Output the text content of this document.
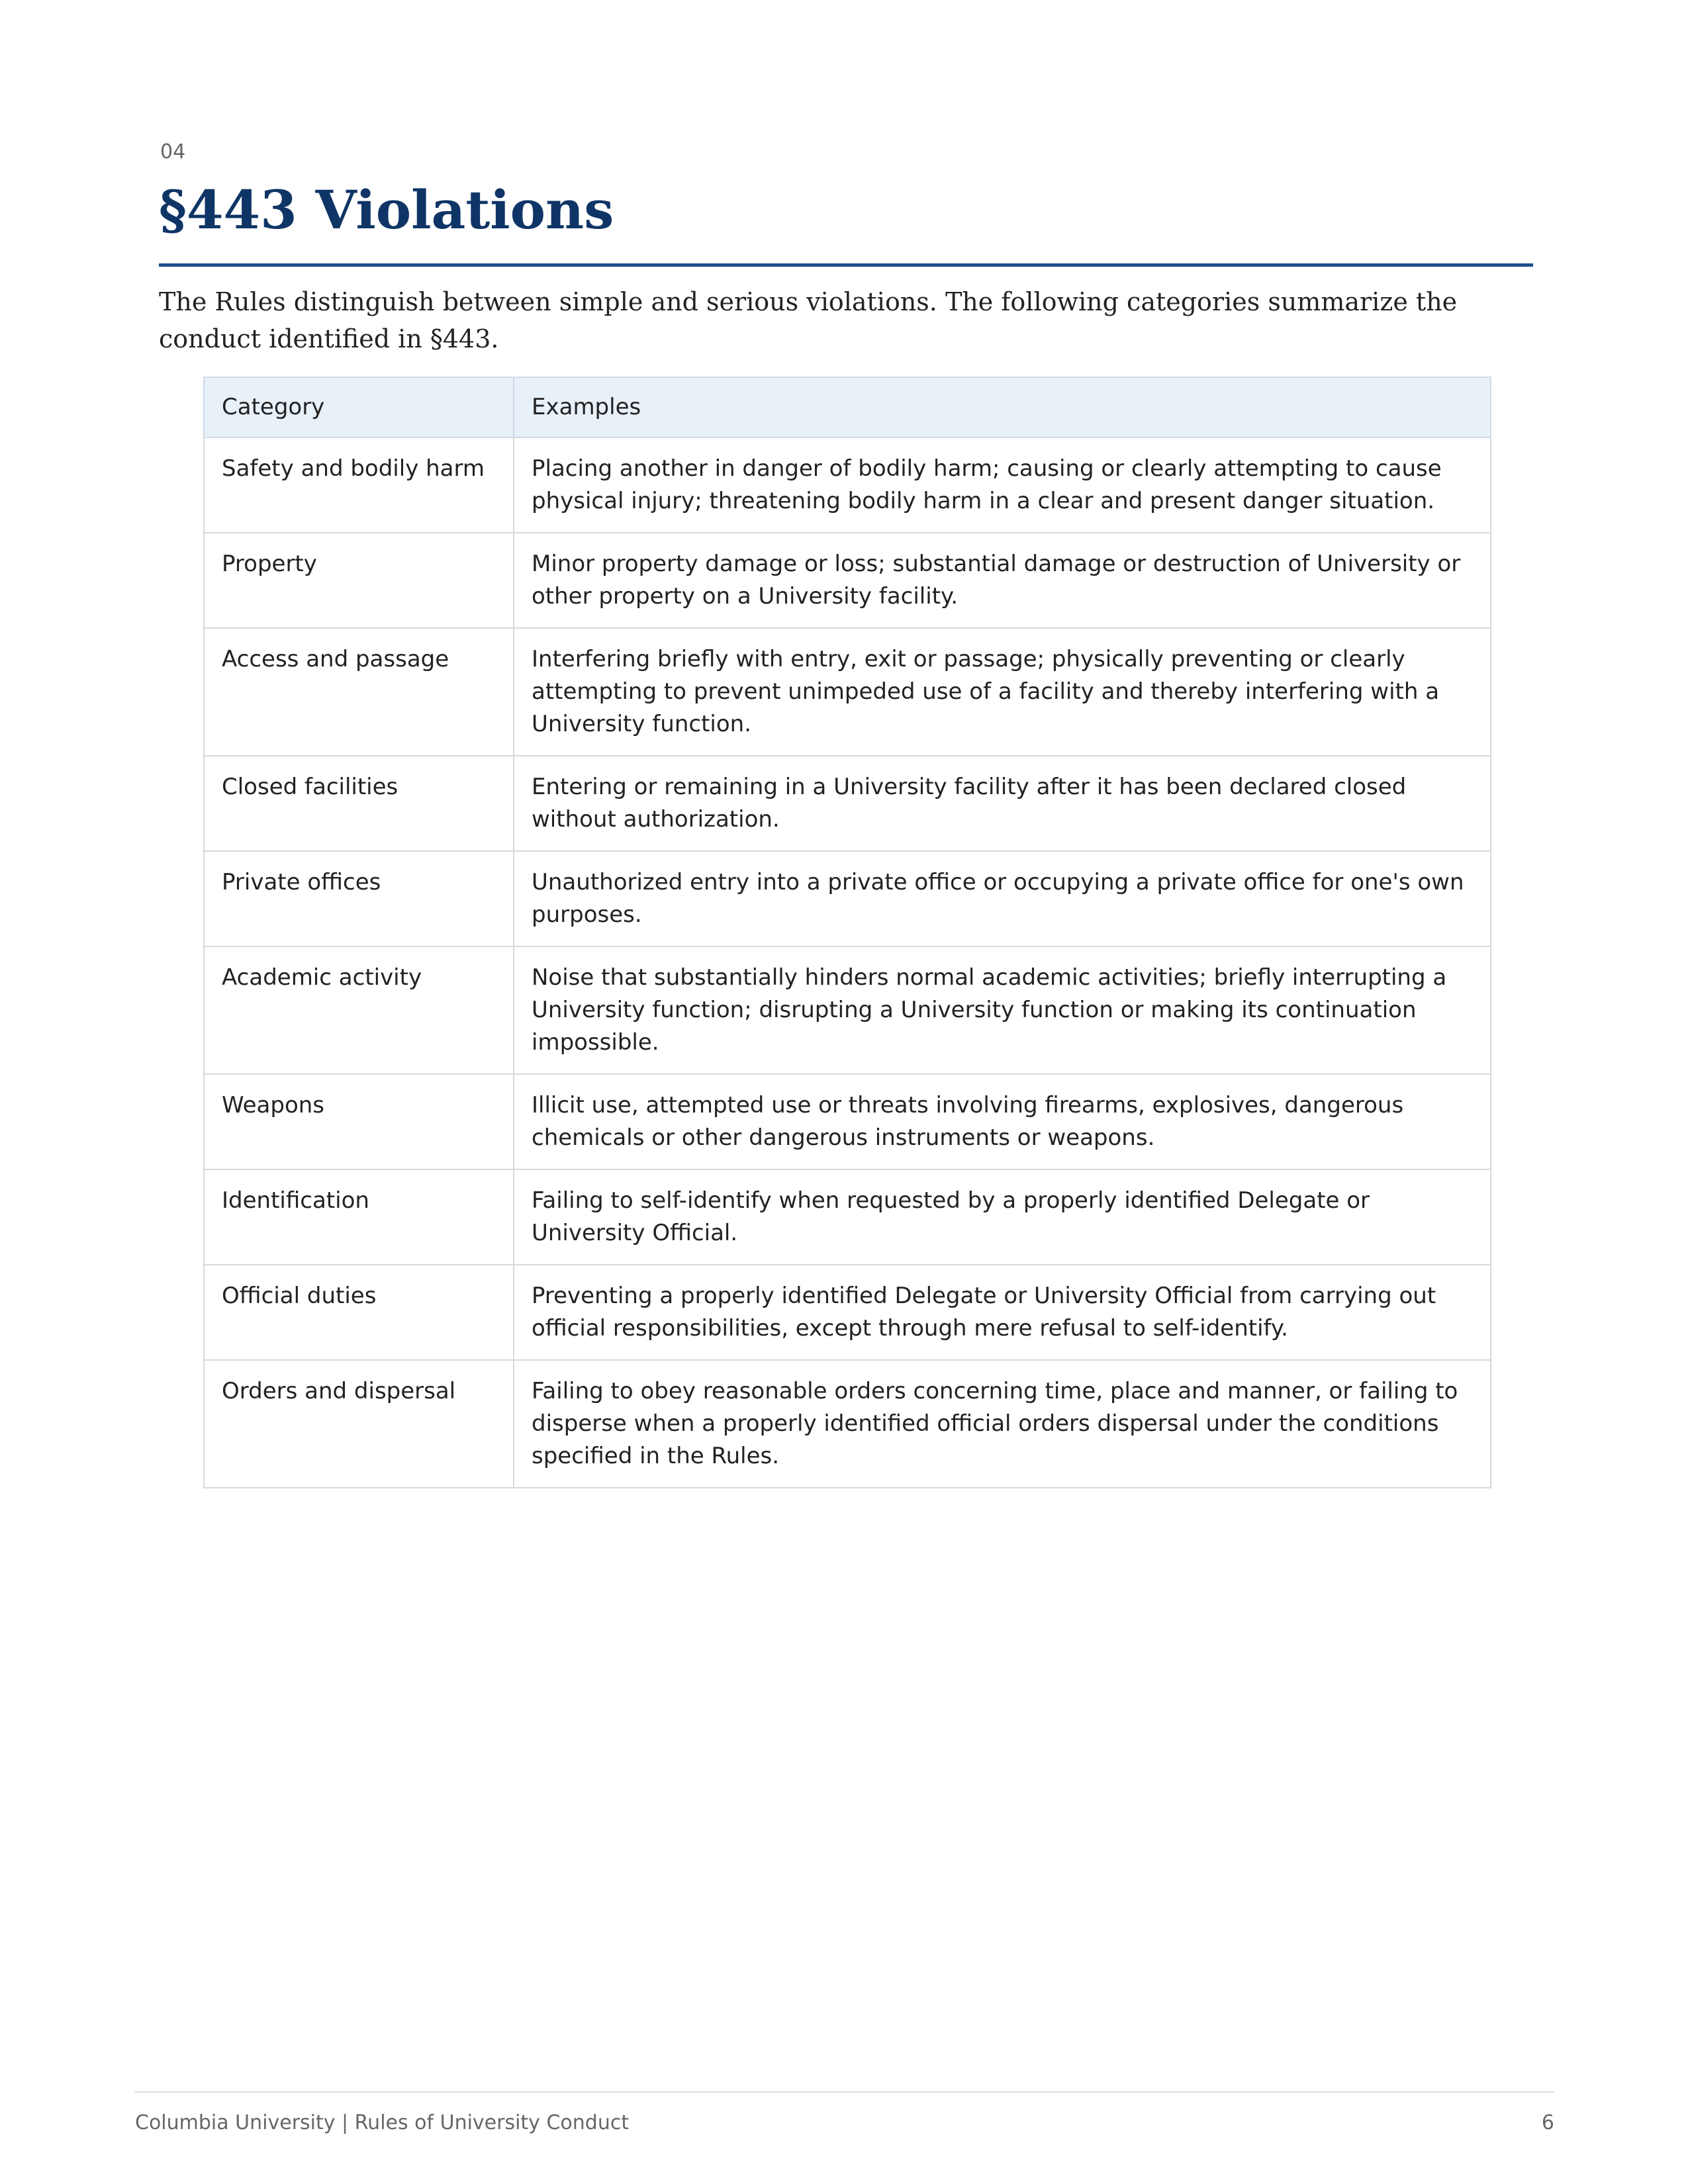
04
§443 Violations

The Rules distinguish between simple and serious violations. The following categories summarize the conduct identified in §443.

Category	Examples
Safety and bodily harm	Placing another in danger of bodily harm; causing or clearly attempting to cause physical injury; threatening bodily harm in a clear and present danger situation.
Property	Minor property damage or loss; substantial damage or destruction of University or other property on a University facility.
Access and passage	Interfering briefly with entry, exit or passage; physically preventing or clearly attempting to prevent unimpeded use of a facility and thereby interfering with a University function.
Closed facilities	Entering or remaining in a University facility after it has been declared closed without authorization.
Private offices	Unauthorized entry into a private office or occupying a private office for one's own purposes.
Academic activity	Noise that substantially hinders normal academic activities; briefly interrupting a University function; disrupting a University function or making its continuation impossible.
Weapons	Illicit use, attempted use or threats involving firearms, explosives, dangerous chemicals or other dangerous instruments or weapons.
Identification	Failing to self-identify when requested by a properly identified Delegate or University Official.
Official duties	Preventing a properly identified Delegate or University Official from carrying out official responsibilities, except through mere refusal to self-identify.
Orders and dispersal	Failing to obey reasonable orders concerning time, place and manner, or failing to disperse when a properly identified official orders dispersal under the conditions specified in the Rules.
Columbia University | Rules of University Conduct	6
